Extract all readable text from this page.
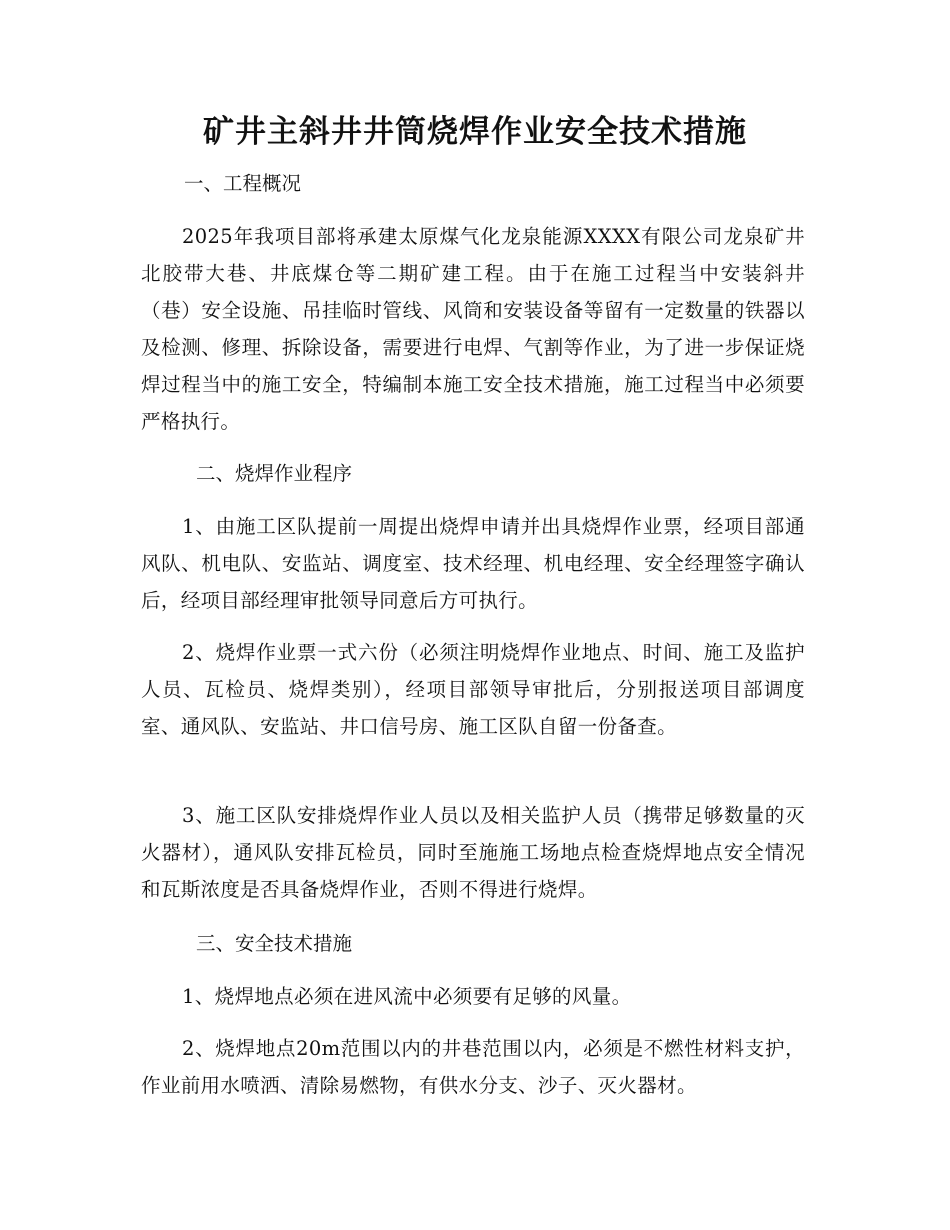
矿井主斜井井筒烧焊作业安全技术措施
一、工程概况
2025年我项目部将承建太原煤气化龙泉能源XXXX有限公司龙泉矿井北胶带大巷、井底煤仓等二期矿建工程。由于在施工过程当中安装斜井（巷）安全设施、吊挂临时管线、风筒和安装设备等留有一定数量的铁器以及检测、修理、拆除设备，需要进行电焊、气割等作业，为了进一步保证烧焊过程当中的施工安全，特编制本施工安全技术措施，施工过程当中必须要严格执行。
二、烧焊作业程序
1、由施工区队提前一周提出烧焊申请并出具烧焊作业票，经项目部通风队、机电队、安监站、调度室、技术经理、机电经理、安全经理签字确认后，经项目部经理审批领导同意后方可执行。
2、烧焊作业票一式六份（必须注明烧焊作业地点、时间、施工及监护人员、瓦检员、烧焊类别），经项目部领导审批后，分别报送项目部调度室、通风队、安监站、井口信号房、施工区队自留一份备查。
3、施工区队安排烧焊作业人员以及相关监护人员（携带足够数量的灭火器材），通风队安排瓦检员，同时至施施工场地点检查烧焊地点安全情况和瓦斯浓度是否具备烧焊作业，否则不得进行烧焊。
三、安全技术措施
1、烧焊地点必须在进风流中必须要有足够的风量。
2、烧焊地点20m范围以内的井巷范围以内，必须是不燃性材料支护，作业前用水喷洒、清除易燃物，有供水分支、沙子、灭火器材。
